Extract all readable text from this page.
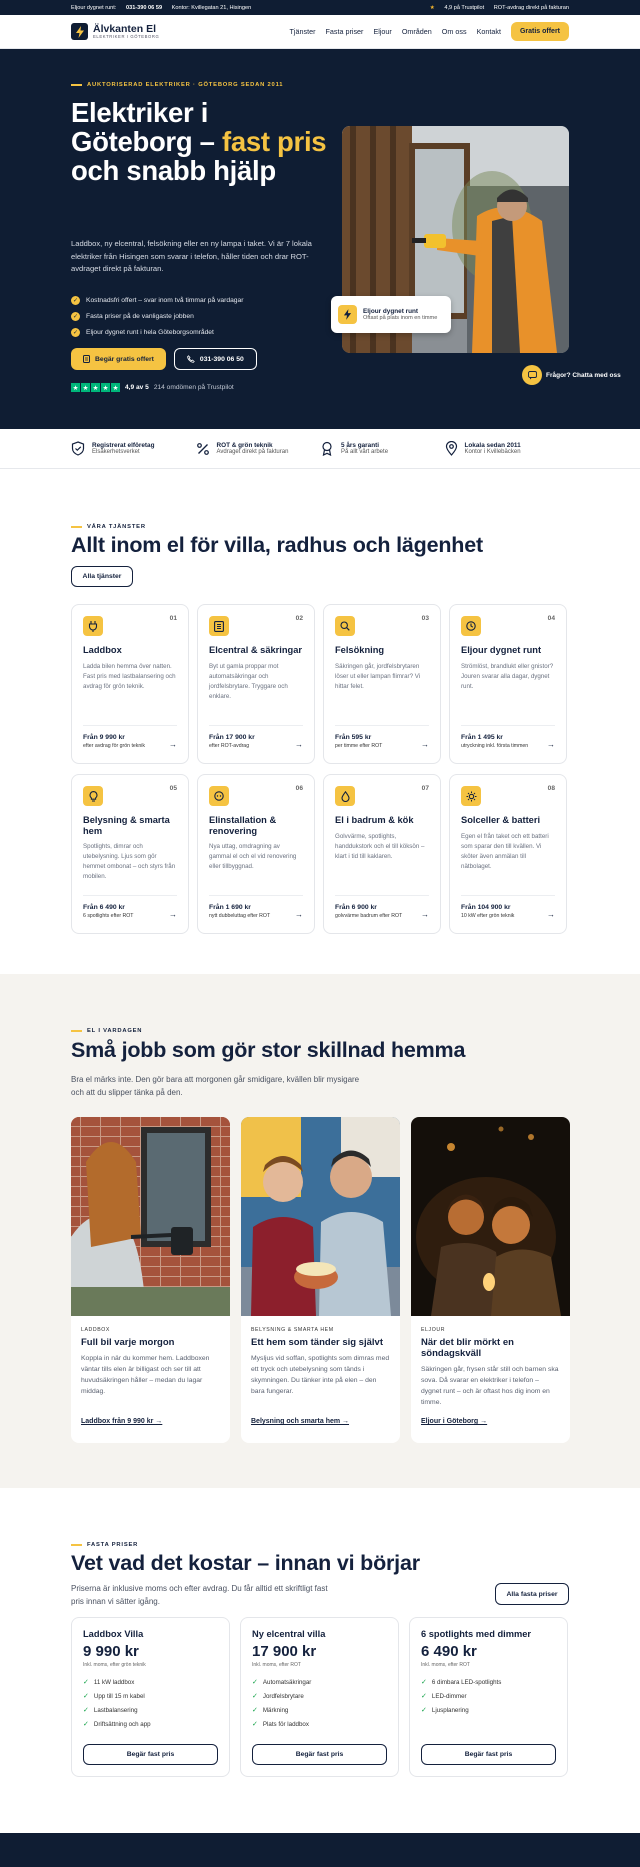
Eljour dygnet runt: 031-390 06 59 Kontor: Kvillegatan 21, Hisingen	★ 4,9 på Trustpilot ROT-avdrag direkt på fakturan
Älvkanten El
ELEKTRIKER I GÖTEBORG
Tjänster Fasta priser Eljour Områden Om oss Kontakt	Gratis offert
AUKTORISERAD ELEKTRIKER · GÖTEBORG SEDAN 2011
Elektriker i Göteborg – fast pris och snabb hjälp

Laddbox, ny elcentral, felsökning eller en ny lampa i taket. Vi är 7 lokala elektriker från Hisingen som svarar i telefon, håller tiden och drar ROT-avdraget direkt på fakturan.

✓ Kostnadsfri offert – svar inom två timmar på vardagar
✓ Fasta priser på de vanligaste jobben
✓ Eljour dygnet runt i hela Göteborgsområdet
Begär gratis offert	031-390 06 50
★ ★ ★ ★ ★ 4,9 av 5 214 omdömen på Trustpilot
Eljour dygnet runt
Oftast på plats inom en timme
Frågor? Chatta med oss
Registrerat elföretag
Elsäkerhetsverket
ROT & grön teknik
Avdraget direkt på fakturan
5 års garanti
På allt vårt arbete
Lokala sedan 2011
Kontor i Kvillebäcken
VÅRA TJÄNSTER
Allt inom el för villa, radhus och lägenhet
Alla tjänster
01
Laddbox
Ladda bilen hemma över natten. Fast pris med lastbalansering och avdrag för grön teknik.
Från 9 990 kr
efter avdrag för grön teknik	→
02
Elcentral & säkringar
Byt ut gamla proppar mot automatsäkringar och jordfelsbrytare. Tryggare och enklare.
Från 17 900 kr
efter ROT-avdrag	→
03
Felsökning
Säkringen går, jordfelsbrytaren löser ut eller lampan flimrar? Vi hittar felet.
Från 595 kr
per timme efter ROT	→
04
Eljour dygnet runt
Strömlöst, brandlukt eller gnistor? Jouren svarar alla dagar, dygnet runt.
Från 1 495 kr
utryckning inkl. första timmen →
05
Belysning & smarta hem
Spotlights, dimrar och utebelysning. Ljus som gör hemmet ombonat – och styrs från mobilen.
Från 6 490 kr
6 spotlights efter ROT	→
06
Elinstallation & renovering
Nya uttag, omdragning av gammal el och el vid renovering eller tillbyggnad.
Från 1 690 kr
nytt dubbeluttag efter ROT	→
07
El i badrum & kök
Golvvärme, spotlights, handdukstork och el till köksön – klart i tid till kaklaren.
Från 6 900 kr
golvvärme badrum efter ROT →
08
Solceller & batteri
Egen el från taket och ett batteri som sparar den till kvällen. Vi sköter även anmälan till nätbolaget.
Från 104 900 kr
10 kW efter grön teknik	→
EL I VARDAGEN
Små jobb som gör stor skillnad hemma

Bra el märks inte. Den gör bara att morgonen går smidigare, kvällen blir mysigare och att du slipper tänka på den.

LADDBOX
Full bil varje morgon
Koppla in när du kommer hem. Laddboxen väntar tills elen är billigast och ser till att huvudsäkringen håller – medan du lagar middag.
Laddbox från 9 990 kr →
BELYSNING & SMARTA HEM
Ett hem som tänder sig självt
Mysljus vid soffan, spotlights som dimras med ett tryck och utebelysning som tänds i skymningen. Du tänker inte på elen – den bara fungerar.
Belysning och smarta hem →
ELJOUR
När det blir mörkt en söndagskväll
Säkringen går, frysen står still och barnen ska sova. Då svarar en elektriker i telefon – dygnet runt – och är oftast hos dig inom en timme.
Eljour i Göteborg →
FASTA PRISER
Vet vad det kostar – innan vi börjar

Priserna är inklusive moms och efter avdrag. Du får alltid ett skriftligt fast pris innan vi sätter igång.

Alla fasta priser
Laddbox Villa
9 990 kr
Inkl. moms, efter grön teknik
✓ 11 kW laddbox
✓ Upp till 15 m kabel
✓ Lastbalansering
✓ Driftsättning och app
Begär fast pris
Ny elcentral villa
17 900 kr
Inkl. moms, efter ROT
✓ Automatsäkringar
✓ Jordfelsbrytare
✓ Märkning
✓ Plats för laddbox
Begär fast pris
6 spotlights med dimmer
6 490 kr
Inkl. moms, efter ROT
✓ 6 dimbara LED-spotlights
✓ LED-dimmer
✓ Ljusplanering
Begär fast pris
